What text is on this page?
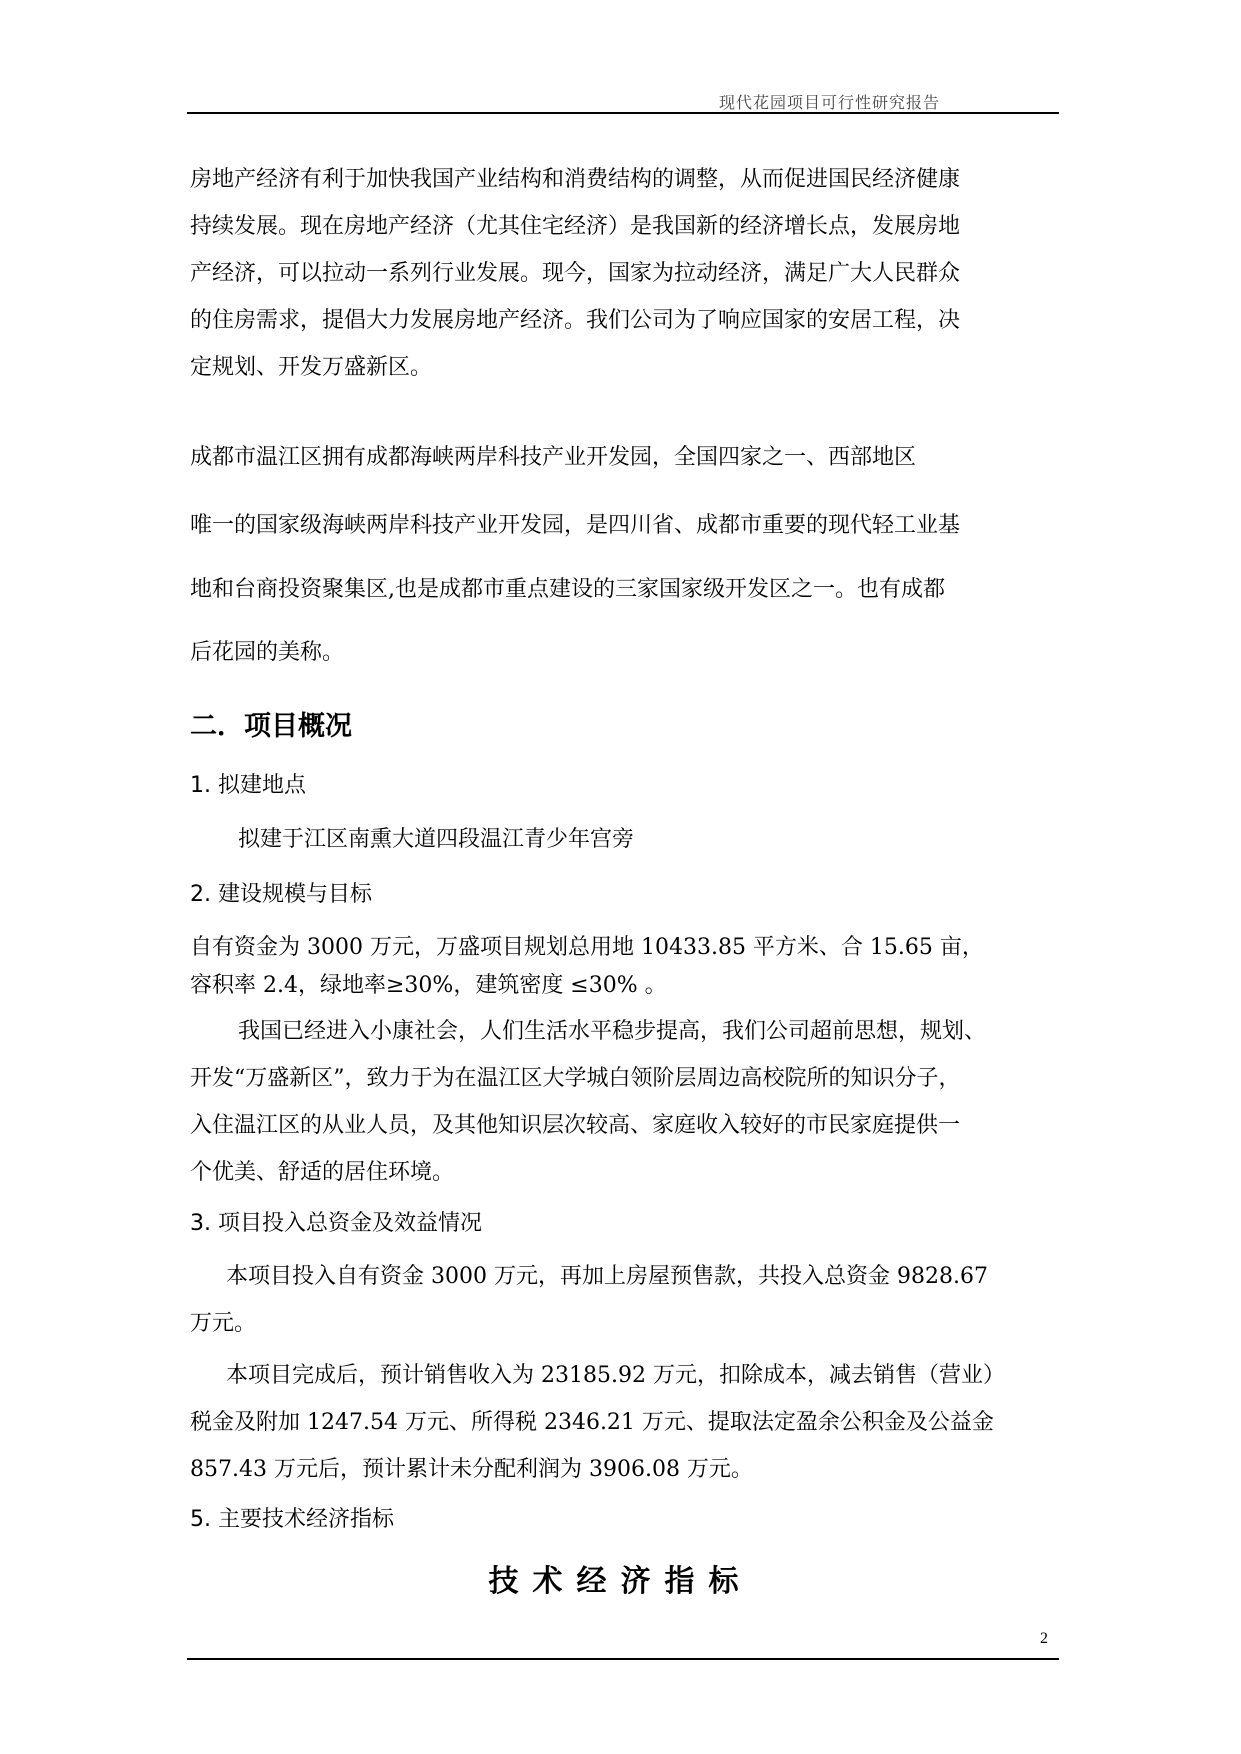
现代花园项目可行性研究报告
房地产经济有利于加快我国产业结构和消费结构的调整，从而促进国民经济健康
持续发展。现在房地产经济（尤其住宅经济）是我国新的经济增长点，发展房地
产经济，可以拉动一系列行业发展。现今，国家为拉动经济，满足广大人民群众
的住房需求，提倡大力发展房地产经济。我们公司为了响应国家的安居工程，决
定规划、开发万盛新区。
成都市温江区拥有成都海峡两岸科技产业开发园，全国四家之一、西部地区
唯一的国家级海峡两岸科技产业开发园，是四川省、成都市重要的现代轻工业基
地和台商投资聚集区,也是成都市重点建设的三家国家级开发区之一。也有成都
后花园的美称。
二．项目概况
1. 拟建地点
拟建于江区南熏大道四段温江青少年宫旁
2. 建设规模与目标
自有资金为 3000 万元，万盛项目规划总用地 10433.85 平方米、合 15.65 亩，
容积率 2.4，绿地率≥30%，建筑密度 ≤30% 。
我国已经进入小康社会，人们生活水平稳步提高，我们公司超前思想，规划、
开发“万盛新区”，致力于为在温江区大学城白领阶层周边高校院所的知识分子，
入住温江区的从业人员，及其他知识层次较高、家庭收入较好的市民家庭提供一
个优美、舒适的居住环境。
3. 项目投入总资金及效益情况
本项目投入自有资金 3000 万元，再加上房屋预售款，共投入总资金 9828.67
万元。
本项目完成后，预计销售收入为 23185.92 万元，扣除成本，减去销售（营业）
税金及附加 1247.54 万元、所得税 2346.21 万元、提取法定盈余公积金及公益金
857.43 万元后，预计累计未分配利润为 3906.08 万元。
5. 主要技术经济指标
技术经济指标
2
